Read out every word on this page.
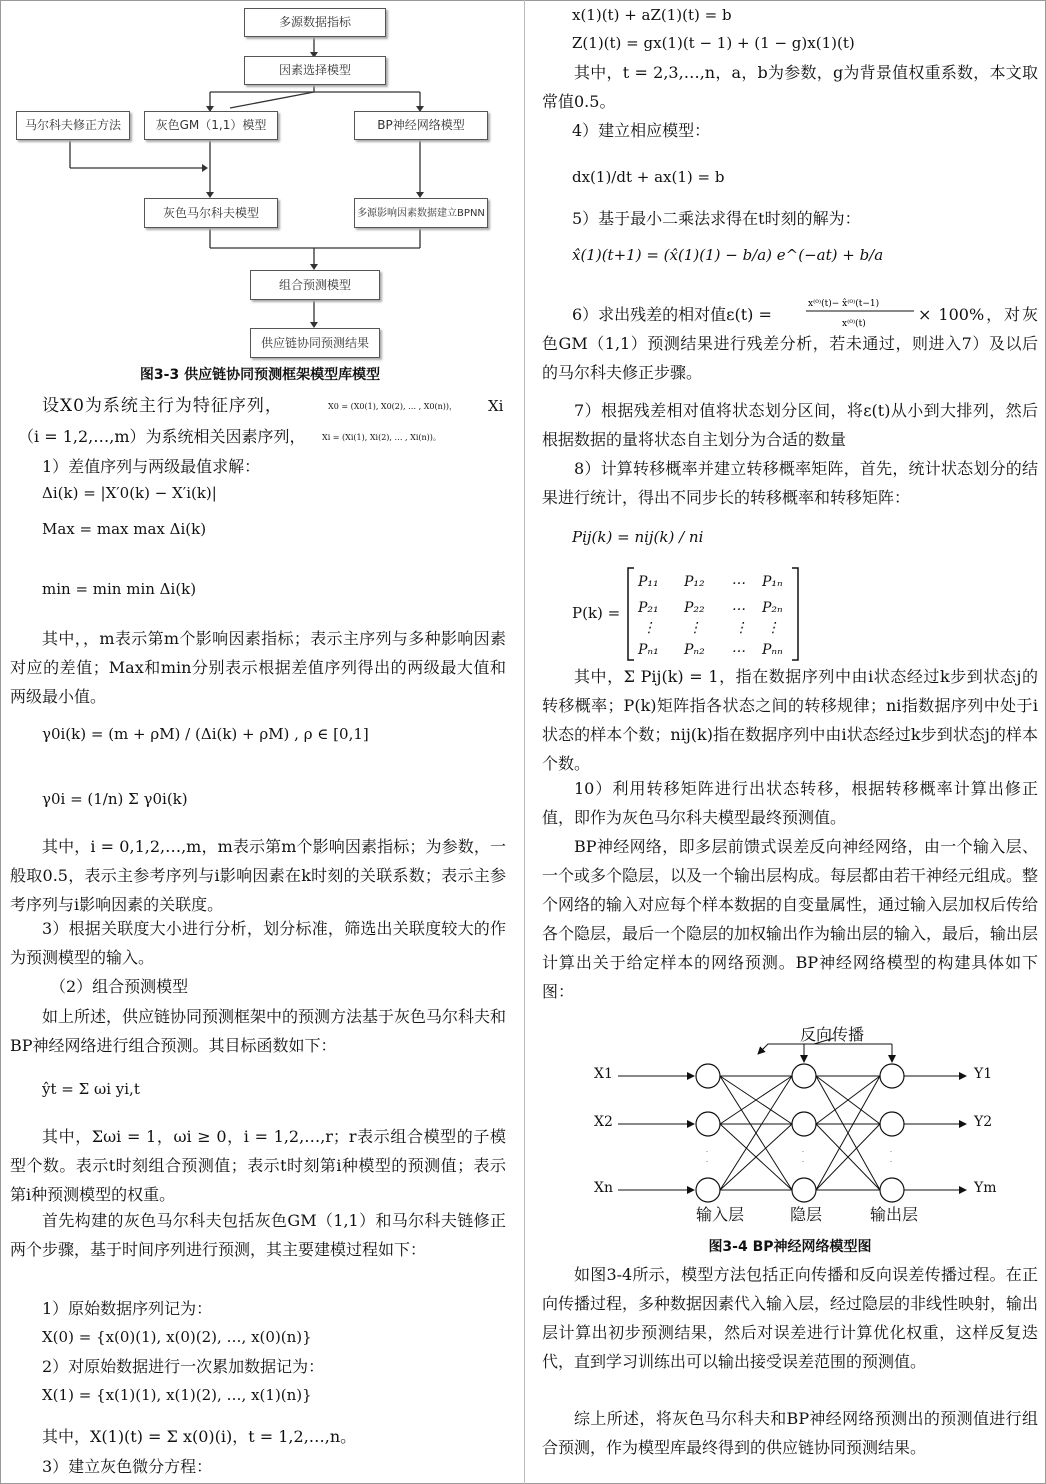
多源数据指标
因素选择模型
马尔科夫修正方法	灰色GM（1,1）模型	BP神经网络模型
灰色马尔科夫模型	多源影响因素数据建立BPNN
组合预测模型
供应链协同预测结果
图3-3 供应链协同预测框架模型库模型
设X0为系统主行为特征序列，	X0 = (X0(1), X0(2), … , X0(n))， Xi
（i = 1,2,…,m）为系统相关因素序列，	Xi = (Xi(1), Xi(2), … , Xi(n))。
1）差值序列与两级最值求解：
Δi(k) = |X′0(k) − X′i(k)|
Max = max max Δi(k)
min = min min Δi(k)
其中，，m表示第m个影响因素指标；表示主序列与多种影响因素对应的差值；Max和min分别表示根据差值序列得出的两级最大值和两级最小值。
γ0i(k) = (m + ρM) / (Δi(k) + ρM) , ρ ∈ [0,1]
γ0i = (1/n) Σ γ0i(k)
其中，i = 0,1,2,…,m，m表示第m个影响因素指标；为参数，一般取0.5，表示主参考序列与i影响因素在k时刻的关联系数；表示主参考序列与i影响因素的关联度。
3）根据关联度大小进行分析，划分标准，筛选出关联度较大的作为预测模型的输入。
（2）组合预测模型
如上所述，供应链协同预测框架中的预测方法基于灰色马尔科夫和BP神经网络进行组合预测。其目标函数如下：
ŷt = Σ ωi yi,t
其中，Σωi = 1，ωi ≥ 0，i = 1,2,…,r；r表示组合模型的子模型个数。表示t时刻组合预测值；表示t时刻第i种模型的预测值；表示第i种预测模型的权重。
首先构建的灰色马尔科夫包括灰色GM（1,1）和马尔科夫链修正两个步骤，基于时间序列进行预测，其主要建模过程如下：
1）原始数据序列记为：
X(0) = {x(0)(1), x(0)(2), …, x(0)(n)}
2）对原始数据进行一次累加数据记为：
X(1) = {x(1)(1), x(1)(2), …, x(1)(n)}
其中，X(1)(t) = Σ x(0)(i)，t = 1,2,…,n。
3）建立灰色微分方程：
x(1)(t) + aZ(1)(t) = b
Z(1)(t) = gx(1)(t − 1) + (1 − g)x(1)(t)
其中，t = 2,3,…,n，a，b为参数，g为背景值权重系数，本文取常值0.5。
4）建立相应模型：
dx(1)/dt + ax(1) = b
5）基于最小二乘法求得在t时刻的解为：
x̂(1)(t+1) = (x̂(1)(1) − b/a) e^(−at) + b/a
6）求出残差的相对值ε(t) =
x⁽⁰⁾(t)− x̂⁽⁰⁾(t−1)
x⁽⁰⁾(t)	× 100%，对灰色GM（1,1）预测结果进行残差分析，若未通过，则进入7）及以后的马尔科夫修正步骤。
7）根据残差相对值将状态划分区间，将ε(t)从小到大排列，然后根据数据的量将状态自主划分为合适的数量
8）计算转移概率并建立转移概率矩阵，首先，统计状态划分的结果进行统计，得出不同步长的转移概率和转移矩阵：
Pij(k) = nij(k) / ni
P(k) =
P₁₁ P₁₂ … P₁ₙ
P₂₁ P₂₂ … P₂ₙ
⋮ ⋮ ⋮ ⋮
Pₙ₁ Pₙ₂ … Pₙₙ
其中，Σ Pij(k) = 1，指在数据序列中由i状态经过k步到状态j的转移概率；P(k)矩阵指各状态之间的转移规律；ni指数据序列中处于i状态的样本个数；nij(k)指在数据序列中由i状态经过k步到状态j的样本个数。
10）利用转移矩阵进行出状态转移，根据转移概率计算出修正值，即作为灰色马尔科夫模型最终预测值。
BP神经网络，即多层前馈式误差反向神经网络，由一个输入层、一个或多个隐层，以及一个输出层构成。每层都由若干神经元组成。整个网络的输入对应每个样本数据的自变量属性，通过输入层加权后传给各个隐层，最后一个隐层的加权输出作为输出层的输入，最后，输出层计算出关于给定样本的网络预测。BP神经网络模型的构建具体如下图：
·
·
·
·
·
·
反向传播
X1
X2
Xn
Y1
Y2
Ym
输入层	隐层	输出层
图3-4 BP神经网络模型图
如图3-4所示，模型方法包括正向传播和反向误差传播过程。在正向传播过程，多种数据因素代入输入层，经过隐层的非线性映射，输出层计算出初步预测结果，然后对误差进行计算优化权重，这样反复迭代，直到学习训练出可以输出接受误差范围的预测值。
综上所述，将灰色马尔科夫和BP神经网络预测出的预测值进行组合预测，作为模型库最终得到的供应链协同预测结果。
